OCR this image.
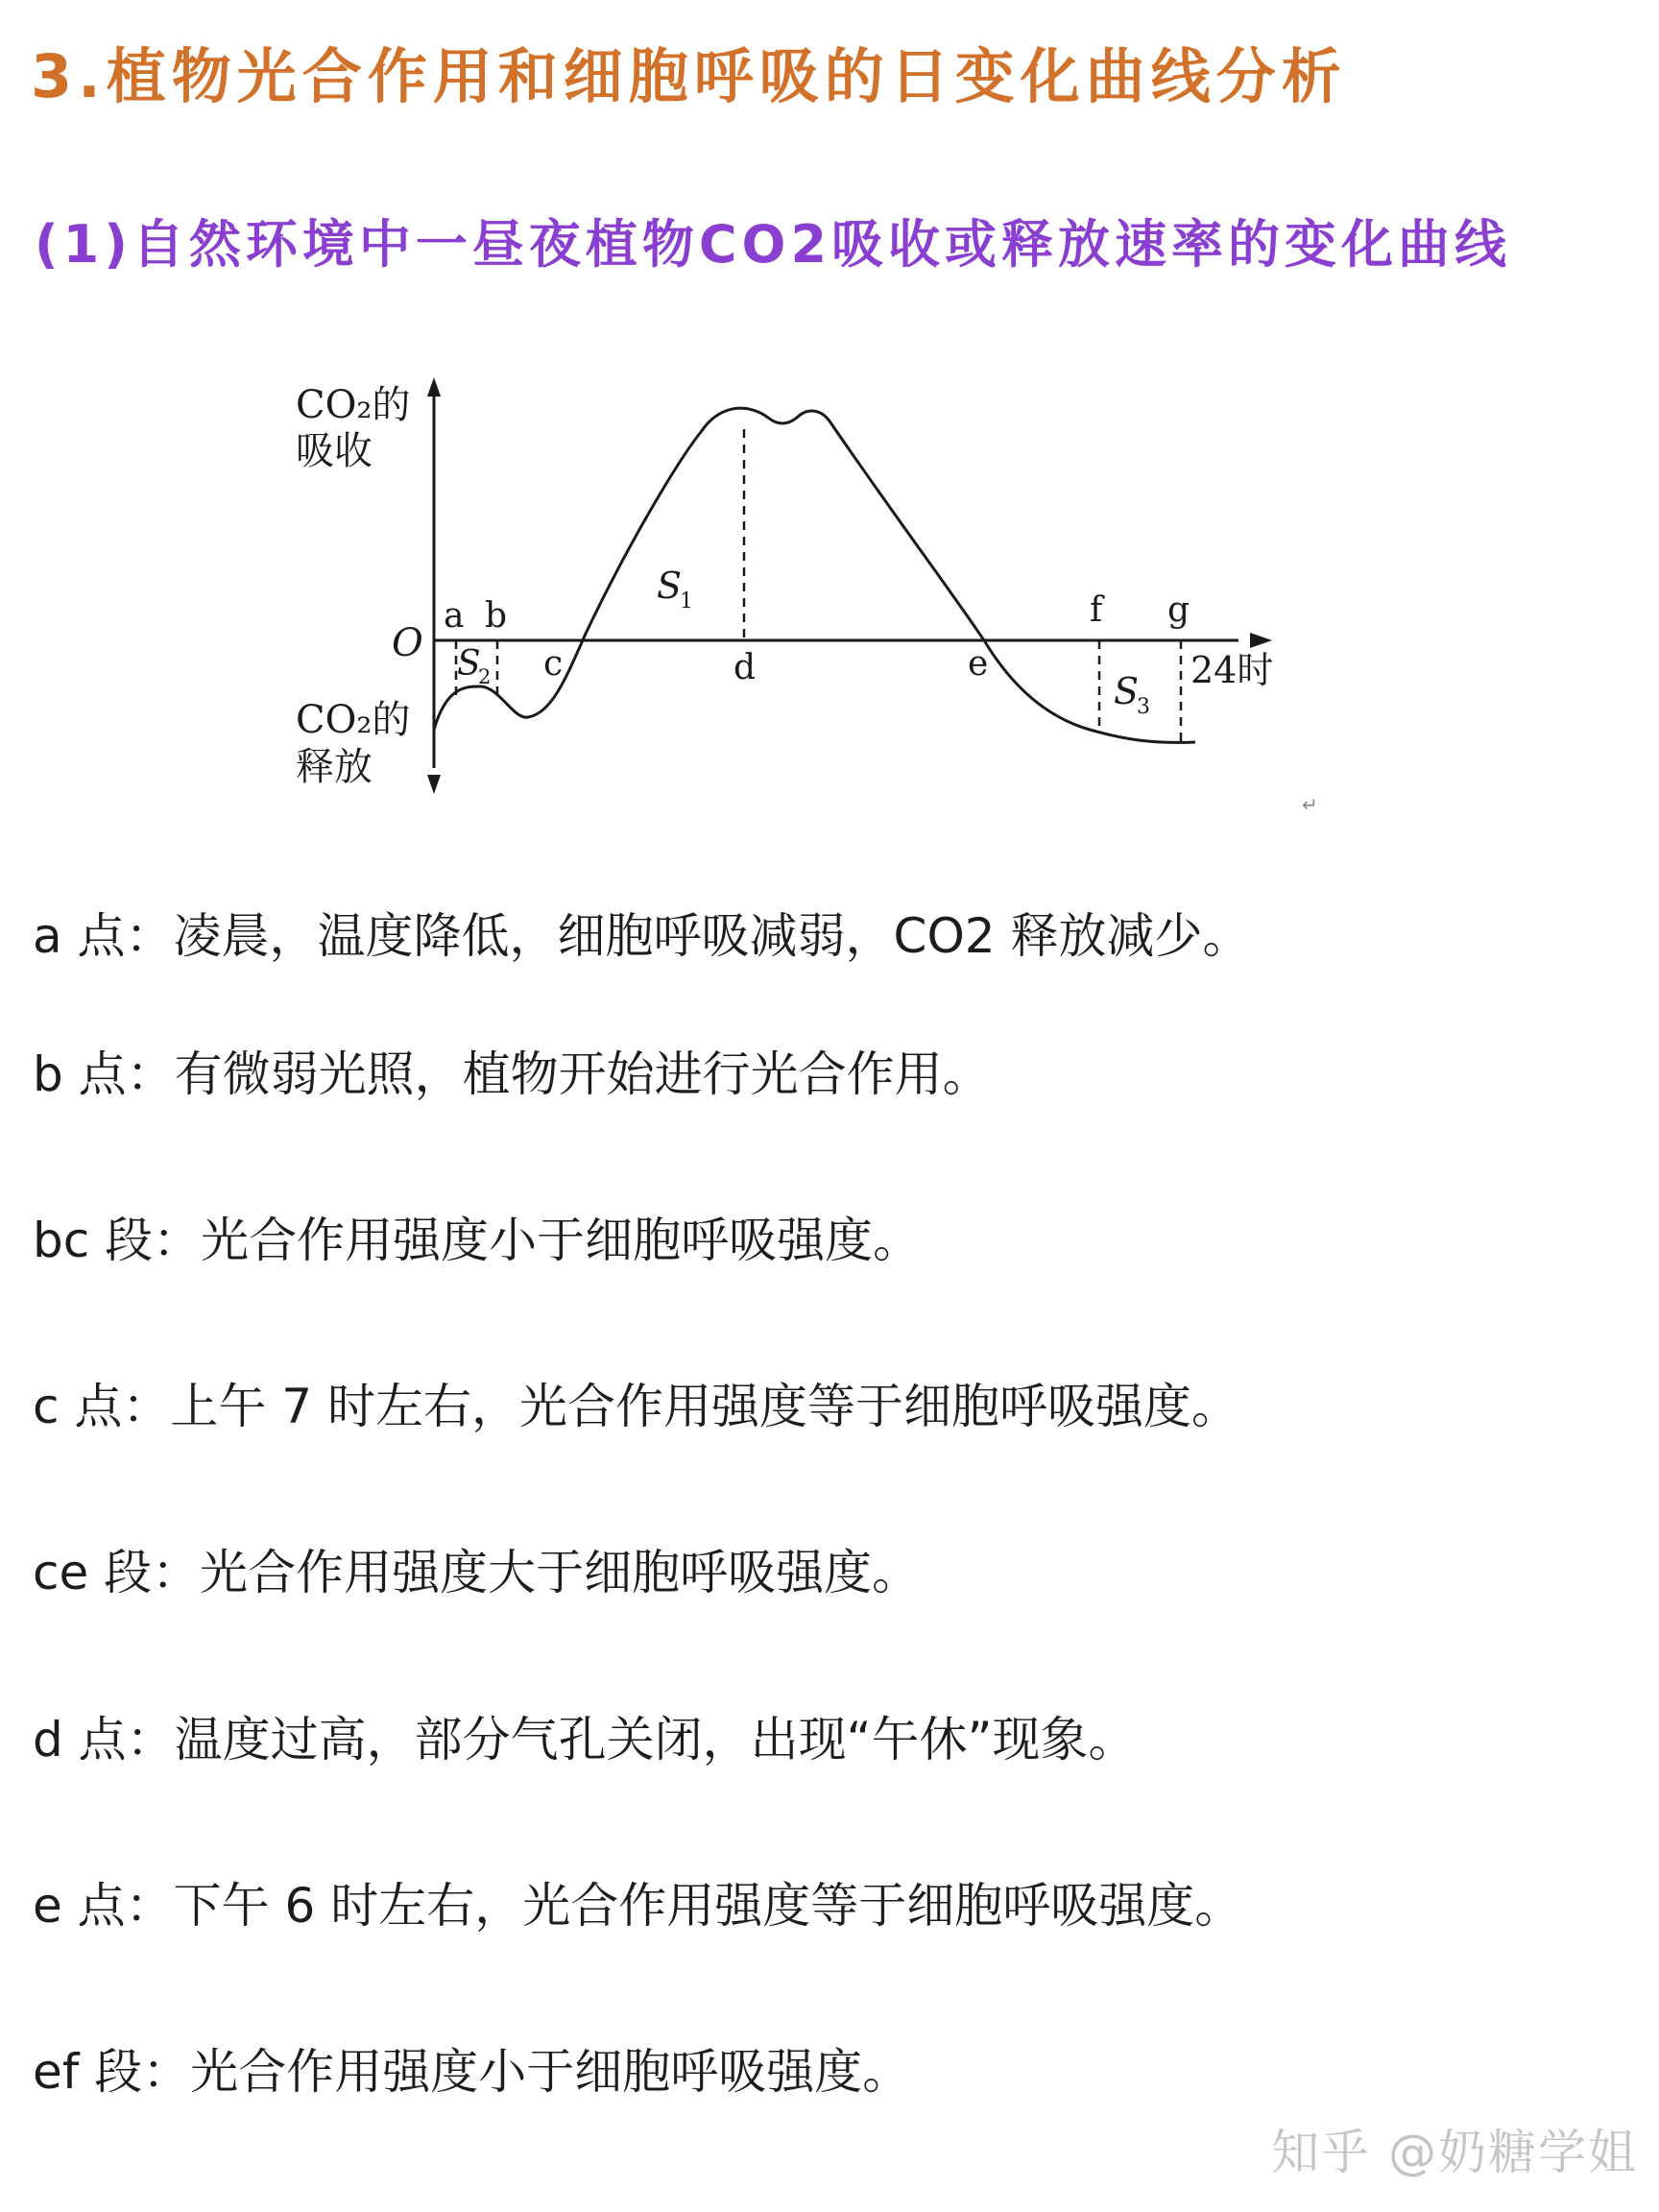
3.植物光合作用和细胞呼吸的日变化曲线分析
(1)自然环境中一昼夜植物CO2吸收或释放速率的变化曲线
CO₂的
吸收
CO₂的
释放
O
a b
c	d	e
f g
S
1
S
2	S
3
24时
↵
a 点：凌晨，温度降低，细胞呼吸减弱，CO2 释放减少。
b 点：有微弱光照，植物开始进行光合作用。
bc 段：光合作用强度小于细胞呼吸强度。
c 点：上午 7 时左右，光合作用强度等于细胞呼吸强度。
ce 段：光合作用强度大于细胞呼吸强度。
d 点：温度过高，部分气孔关闭，出现“午休”现象。
e 点：下午 6 时左右，光合作用强度等于细胞呼吸强度。
ef 段：光合作用强度小于细胞呼吸强度。
知乎 @奶糖学姐
